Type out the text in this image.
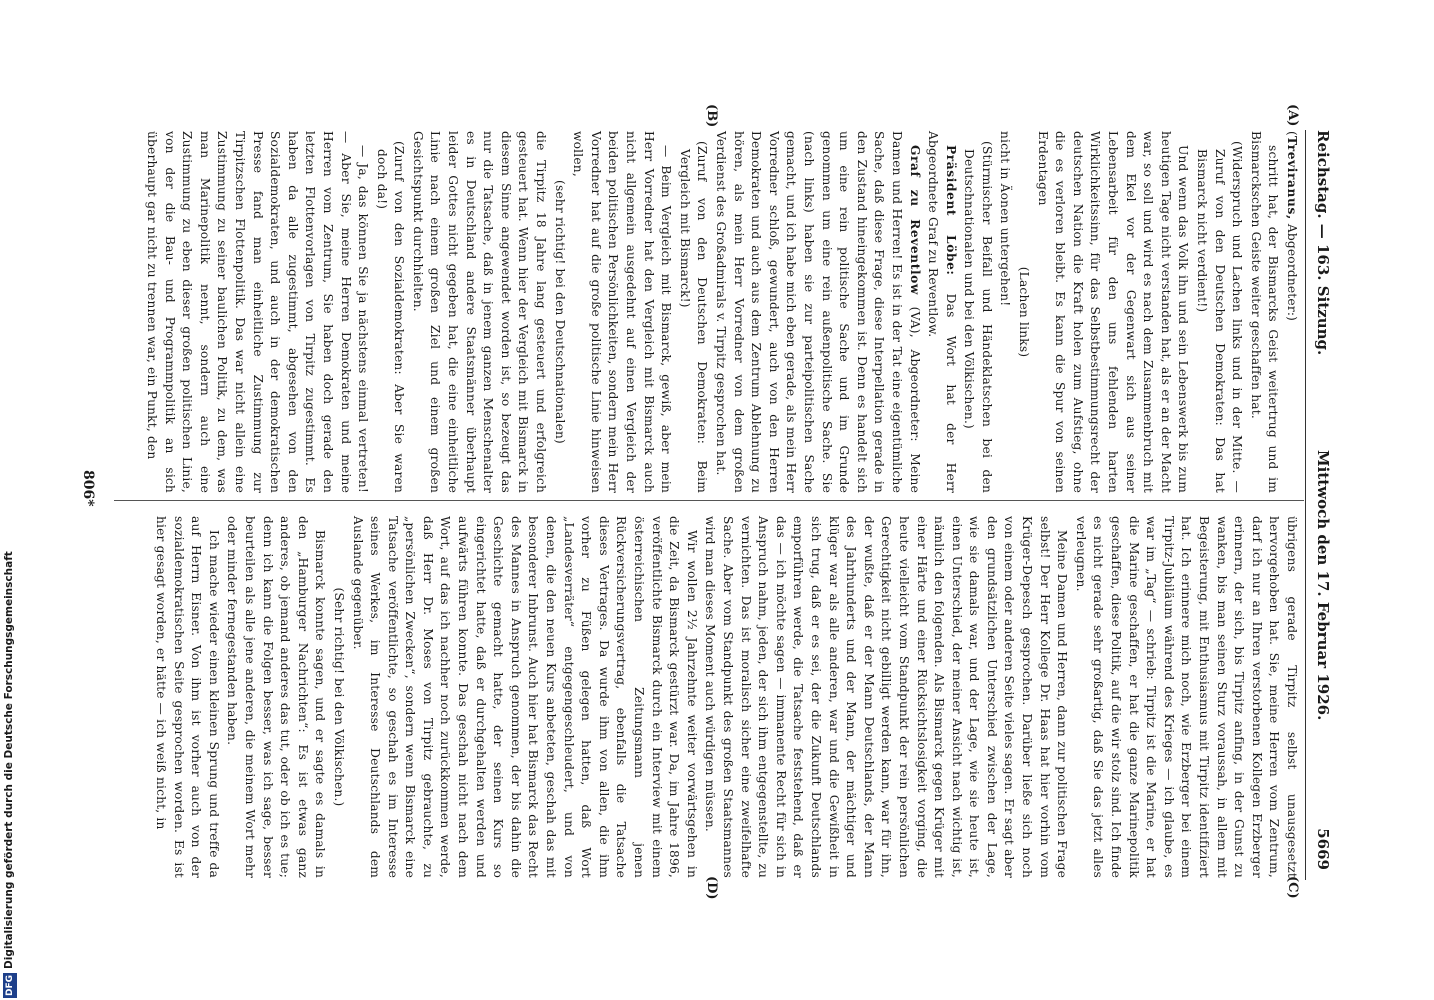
Reichstag. — 163. Sitzung.
5669
Mittwoch den 17. Februar 1926.
(A)
(B)
(C)
(D)

(Treviranus, Abgeordneter:)

schritt hat, der Bismarcks Geist weitertrug und im Bismarckschen Geiste weiter geschaffen hat.

(Widerspruch und Lachen links und in der Mitte. — Zuruf von den Deutschen Demokraten: Das hat Bismarck nicht verdient!)

Und wenn das Volk ihn und sein Lebenswerk bis zum heutigen Tage nicht verstanden hat, als er an der Macht war, so soll und wird es nach dem Zusammenbruch mit dem Ekel vor der Gegenwart sich aus seiner Lebensarbeit für den uns fehlenden harten Wirklichkeitssinn, für das Selbstbestimmungsrecht der deutschen Nation die Kraft holen zum Aufstieg, ohne die es verloren bleibt. Es kann die Spur von seinen Erdentagen

(Lachen links)

nicht in Äonen untergehen!

(Stürmischer Beifall und Händeklatschen bei den Deutschnationalen und bei den Völkischen.)

Präsident Löbe: Das Wort hat der Herr Abgeordnete Graf zu Reventlow.

Graf zu Reventlow (VA), Abgeordneter: Meine Damen und Herren! Es ist in der Tat eine eigentümliche Sache, daß diese Frage, diese Interpellation gerade in den Zustand hineingekommen ist. Denn es handelt sich um eine rein politische Sache und im Grunde genommen um eine rein außenpolitische Sache. Sie (nach links) haben sie zur parteipolitischen Sache gemacht, und ich habe mich eben gerade, als mein Herr Vorredner schloß, gewundert, auch von den Herren Demokraten und auch aus dem Zentrum Ablehnung zu hören, als mein Herr Vorredner von dem großen Verdienst des Großadmirals v. Tirpitz gesprochen hat.

(Zuruf von den Deutschen Demokraten: Beim Vergleich mit Bismarck!)

— Beim Vergleich mit Bismarck, gewiß, aber mein Herr Vorredner hat den Vergleich mit Bismarck auch nicht allgemein ausgedehnt auf einen Vergleich der beiden politischen Persönlichkeiten, sondern mein Herr Vorredner hat auf die große politische Linie hinweisen wollen,

(sehr richtig! bei den Deutschnationalen)

die Tirpitz 18 Jahre lang gesteuert und erfolgreich gesteuert hat. Wenn hier der Vergleich mit Bismarck in diesem Sinne angewendet worden ist, so bezeugt das nur die Tatsache, daß in jenem ganzen Menschenalter es in Deutschland andere Staatsmänner überhaupt leider Gottes nicht gegeben hat, die eine einheitliche Linie nach einem großen Ziel und einem großen Gesichtspunkt durchhielten.

(Zuruf von den Sozialdemokraten: Aber Sie waren doch da!)

— Ja, das können Sie ja nächstens einmal vertreten! — Aber Sie, meine Herren Demokraten und meine Herren vom Zentrum, Sie haben doch gerade den letzten Flottenvorlagen von Tirpitz zugestimmt. Es haben da alle zugestimmt, abgesehen von den Sozialdemokraten, und auch in der demokratischen Presse fand man einheitliche Zustimmung zur Tirpitzschen Flottenpolitik. Das war nicht allein eine Zustimmung zu seiner baulichen Politik, zu dem, was man Marinepolitik nennt, sondern auch eine Zustimmung zu eben dieser großen politischen Linie, von der die Bau- und Programmpolitik an sich überhaupt gar nicht zu trennen war, ein Punkt, den

übrigens gerade Tirpitz selbst unausgesetzt hervorgehoben hat. Sie, meine Herren vom Zentrum, darf ich nur an Ihren verstorbenen Kollegen Erzberger erinnern, der sich, bis Tirpitz anfing, in der Gunst zu wanken, bis man seinen Sturz voraussah, in allem mit Begeisterung, mit Enthusiasmus mit Tirpitz identifiziert hat. Ich erinnere mich noch, wie Erzberger bei einem Tirpitz-Jubiläum während des Krieges — ich glaube, es war im „Tag“ — schrieb: Tirpitz ist die Marine, er hat die Marine geschaffen, er hat die ganze Marinepolitik geschaffen, diese Politik, auf die wir stolz sind. Ich finde es nicht gerade sehr großartig, daß Sie das jetzt alles verleugnen.

Meine Damen und Herren, dann zur politischen Frage selbst! Der Herr Kollege Dr. Haas hat hier vorhin vom Krüger-Depesch gesprochen. Darüber ließe sich noch von einem oder anderen Seite vieles sagen. Er sagt aber den grundsätzlichen Unterschied zwischen der Lage, wie sie damals war, und der Lage, wie sie heute ist, einen Unterschied, der meiner Ansicht nach wichtig ist, nämlich den folgenden. Als Bismarck gegen Krüger mit einer Härte und einer Rücksichtslosigkeit vorging, die heute vielleicht vom Standpunkt der rein persönlichen Gerechtigkeit nicht gebilligt werden kann, war für ihn, der wußte, daß er der Mann Deutschlands, der Mann des Jahrhunderts und der Mann, der mächtiger und klüger war als alle anderen, war und die Gewißheit in sich trug, daß er es sei, der die Zukunft Deutschlands emporführen werde, die Tatsache feststehend, daß er das — ich möchte sagen — immanente Recht für sich in Anspruch nahm, jeden, der sich ihm entgegenstellte, zu vernichten. Das ist moralisch sicher eine zweifelhafte Sache. Aber vom Standpunkt des großen Staatsmannes wird man dieses Moment auch würdigen müssen.

Wir wollen 2½ Jahrzehnte weiter vorwärtsgehen in die Zeit, da Bismarck gestürzt war. Da, im Jahre 1896, veröffentlichte Bismarck durch ein Interview mit einem österreichischen Zeitungsmann jenen Rückversicherungsvertrag, ebenfalls die Tatsache dieses Vertrages. Da wurde ihm von allen, die ihm vorher zu Füßen gelegen hatten, daß Wort „Landesverräter“ entgegengeschleudert, und von denen, die den neuen Kurs anbeteten, geschah das mit besonderer Inbrunst. Auch hier hat Bismarck das Recht des Mannes in Anspruch genommen, der bis dahin die Geschichte gemacht hatte, der seinen Kurs so eingerichtet hatte, daß er durchgehalten werden und aufwärts führen konnte. Das geschah nicht nach dem Wort, auf das ich nachher noch zurückkommen werde, daß Herr Dr. Moses von Tirpitz gebrauchte, zu „persönlichen Zwecken“, sondern wenn Bismarck eine Tatsache veröffentlichte, so geschah es im Interesse seines Werkes, im Interesse Deutschlands dem Auslande gegenüber.

(Sehr richtig! bei den Völkischen.)

Bismarck konnte sagen, und er sagte es damals in den „Hamburger Nachrichten“: Es ist etwas ganz anderes, ob jemand anderes das tut, oder ob ich es tue; denn ich kann die Folgen besser, was ich sage, besser beurteilen als alle jene anderen, die meinem Wort mehr oder minder fernegestanden haben.

Ich mache wieder einen kleinen Sprung und treffe da auf Herrn Eisner. Von ihm ist vorher auch von der sozialdemokratischen Seite gesprochen worden. Es ist hier gesagt worden, er hätte — ich weiß nicht, in

806*
DFGDigitalisierung gefördert durch die Deutsche Forschungsgemeinschaft
